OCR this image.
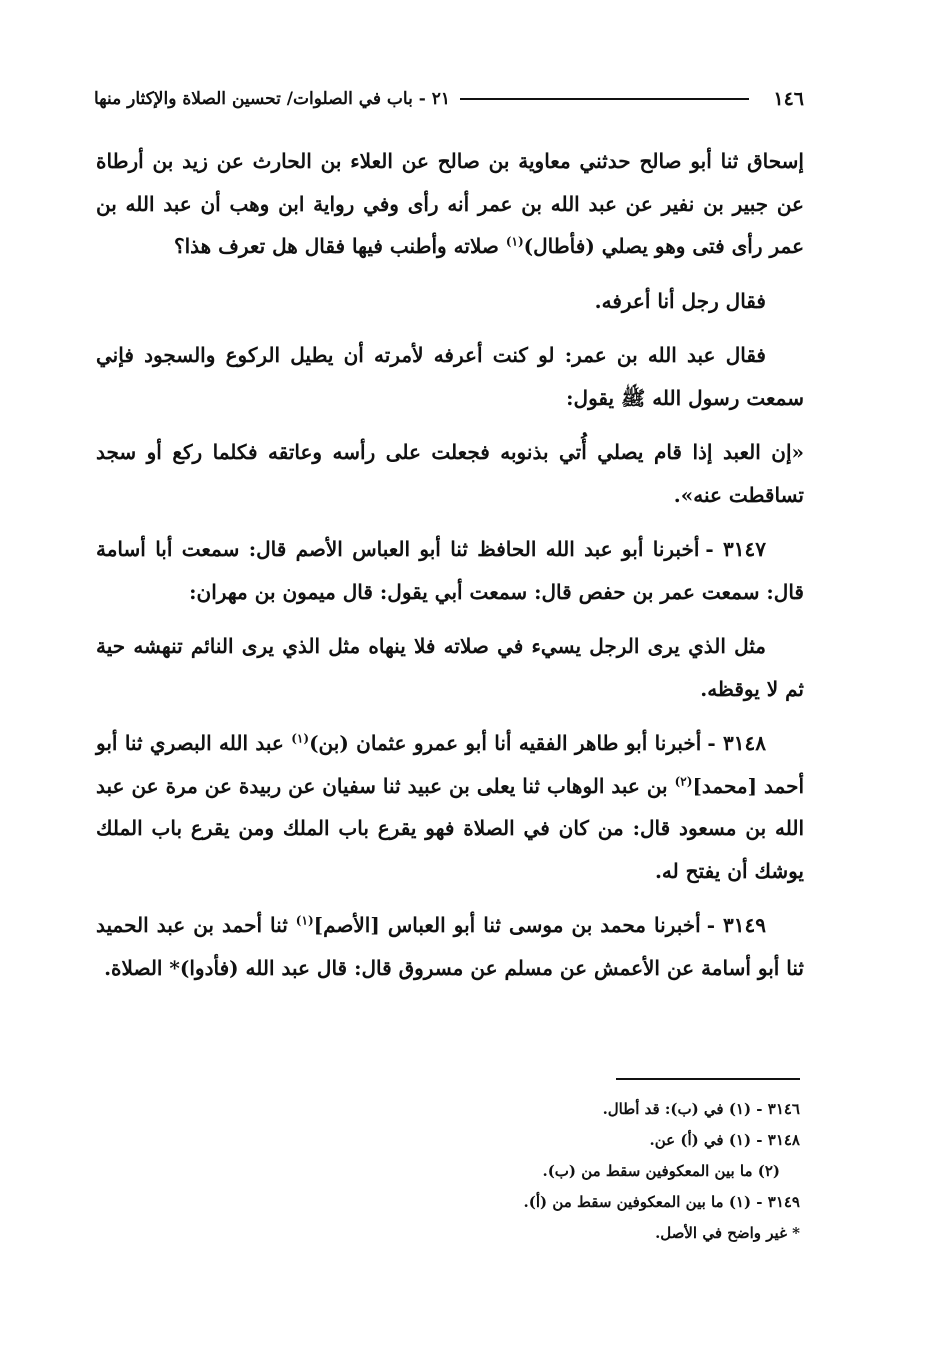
١٤٦
٢١ - باب في الصلوات/ تحسين الصلاة والإكثار منها

إسحاق ثنا أبو صالح حدثني معاوية بن صالح عن العلاء بن الحارث عن زيد بن أرطاة عن جبير بن نفير عن عبد الله بن عمر أنه رأى وفي رواية ابن وهب أن عبد الله بن عمر رأى فتى وهو يصلي (فأطال)$^{(١)}$ صلاته وأطنب فيها فقال هل تعرف هذا؟

فقال رجل أنا أعرفه.

فقال عبد الله بن عمر: لو كنت أعرفه لأمرته أن يطيل الركوع والسجود فإني سمعت رسول الله ﷺ يقول:

«إن العبد إذا قام يصلي أُتي بذنوبه فجعلت على رأسه وعاتقه فكلما ركع أو سجد تساقطت عنه».

٣١٤٧ -أخبرنا أبو عبد الله الحافظ ثنا أبو العباس الأصم قال: سمعت أبا أسامة قال: سمعت عمر بن حفص قال: سمعت أبي يقول: قال ميمون بن مهران:

مثل الذي يرى الرجل يسيء في صلاته فلا ينهاه مثل الذي يرى النائم تنهشه حية ثم لا يوقظه.

٣١٤٨ -أخبرنا أبو طاهر الفقيه أنا أبو عمرو عثمان (بن)$^{(١)}$ عبد الله البصري ثنا أبو أحمد [محمد]$^{(٢)}$ بن عبد الوهاب ثنا يعلى بن عبيد ثنا سفيان عن ربيدة عن مرة عن عبد الله بن مسعود قال: من كان في الصلاة فهو يقرع باب الملك ومن يقرع باب الملك يوشك أن يفتح له.

٣١٤٩ -أخبرنا محمد بن موسى ثنا أبو العباس [الأصم]$^{(١)}$ ثنا أحمد بن عبد الحميد ثنا أبو أسامة عن الأعمش عن مسلم عن مسروق قال: قال عبد الله (فأدوا)* الصلاة.

٣١٤٦ - (١) في (ب): قد أطال.
٣١٤٨ - (١) في (أ) عن.
(٢) ما بين المعكوفين سقط من (ب).
٣١٤٩ - (١) ما بين المعكوفين سقط من (أ).
* غير واضح في الأصل.
